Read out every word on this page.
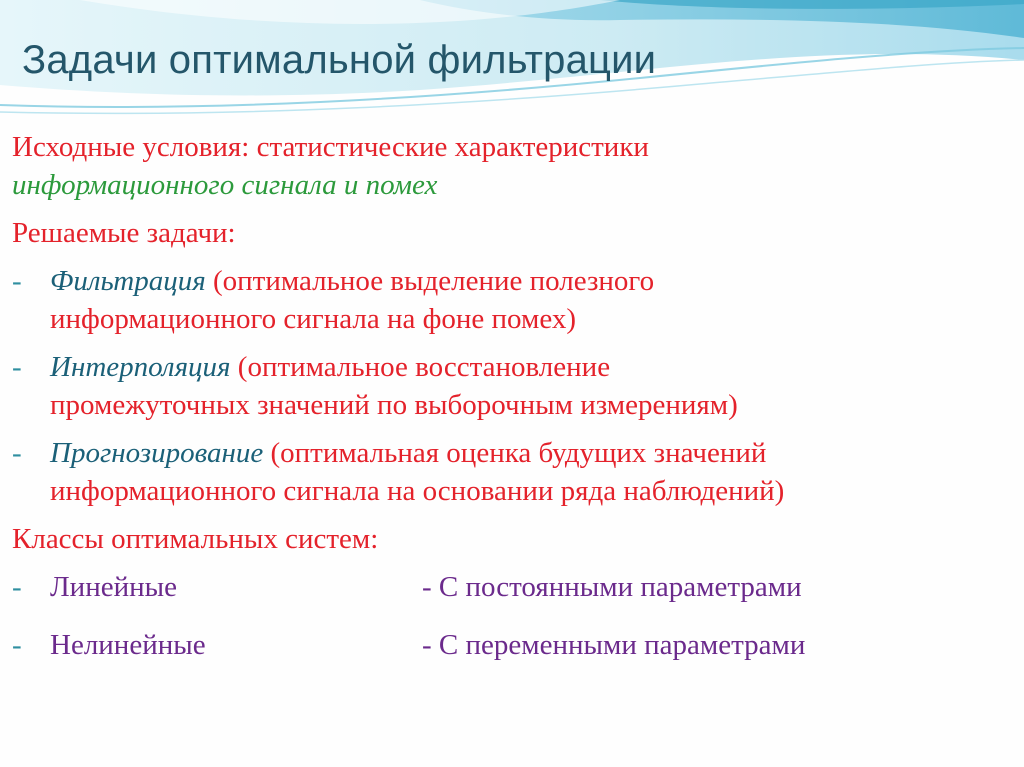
Задачи оптимальной фильтрации

Исходные условия: статистические характеристики

информационного сигнала и помех

Решаемые задачи:

- Фильтрация (оптимальное выделение полезного

информационного сигнала на фоне помех)

- Интерполяция (оптимальное восстановление

промежуточных значений по выборочным измерениям)

- Прогнозирование (оптимальная оценка будущих значений

информационного сигнала на основании ряда наблюдений)

Классы оптимальных систем:

- Линейные	- С постоянными параметрами
- Нелинейные	- С переменными параметрами
